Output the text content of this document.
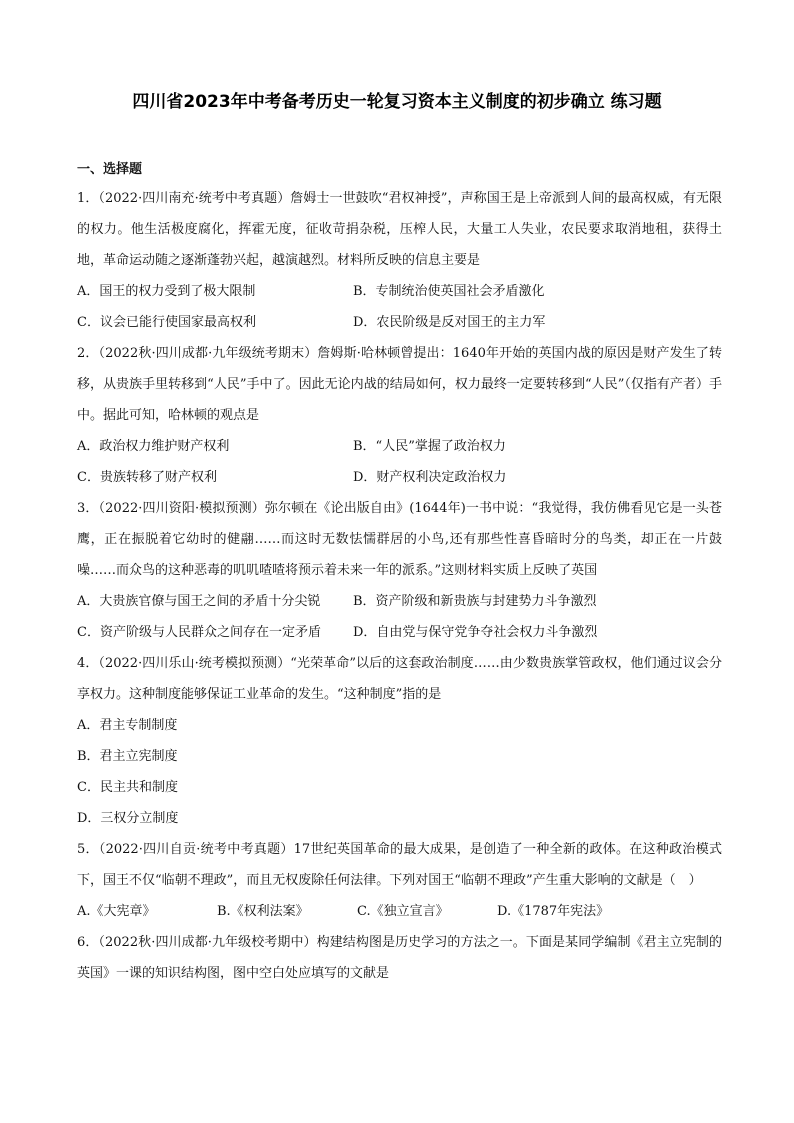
四川省2023年中考备考历史一轮复习资本主义制度的初步确立 练习题
一、选择题

1．（2022·四川南充·统考中考真题）詹姆士一世鼓吹“君权神授”，声称国王是上帝派到人间的最高权威，有无限的权力。他生活极度腐化，挥霍无度，征收苛捐杂税，压榨人民，大量工人失业，农民要求取消地租，获得土地，革命运动随之逐渐蓬勃兴起，越演越烈。材料所反映的信息主要是

A．国王的权力受到了极大限制	B．专制统治使英国社会矛盾激化
C．议会已能行使国家最高权利	D．农民阶级是反对国王的主力军

2．（2022秋·四川成都·九年级统考期末）詹姆斯·哈林顿曾提出：1640年开始的英国内战的原因是财产发生了转移，从贵族手里转移到“人民”手中了。因此无论内战的结局如何，权力最终一定要转移到“人民”（仅指有产者）手中。据此可知，哈林顿的观点是

A．政治权力维护财产权利	B．“人民”掌握了政治权力
C．贵族转移了财产权利	D．财产权利决定政治权力

3．（2022·四川资阳·模拟预测）弥尔顿在《论出版自由》(1644年)一书中说：“我觉得，我仿佛看见它是一头苍鹰，正在振脱着它幼时的健翮……而这时无数怯懦群居的小鸟,还有那些性喜昏暗时分的鸟类，却正在一片鼓噪……而众鸟的这种恶毒的叽叽喳喳将预示着未来一年的派系。”这则材料实质上反映了英国

A．大贵族官僚与国王之间的矛盾十分尖锐	B．资产阶级和新贵族与封建势力斗争激烈
C．资产阶级与人民群众之间存在一定矛盾	D．自由党与保守党争夺社会权力斗争激烈

4．（2022·四川乐山·统考模拟预测）“光荣革命”以后的这套政治制度……由少数贵族掌管政权，他们通过议会分享权力。这种制度能够保证工业革命的发生。“这种制度”指的是

A．君主专制制度
B．君主立宪制度
C．民主共和制度
D．三权分立制度

5．（2022·四川自贡·统考中考真题）17世纪英国革命的最大成果，是创造了一种全新的政体。在这种政治模式下，国王不仅“临朝不理政”，而且无权废除任何法律。下列对国王“临朝不理政”产生重大影响的文献是（　）

A.《大宪章》	B.《权利法案》	C.《独立宣言》	D.《1787年宪法》

6．（2022秋·四川成都·九年级校考期中）构建结构图是历史学习的方法之一。下面是某同学编制《君主立宪制的英国》一课的知识结构图，图中空白处应填写的文献是
